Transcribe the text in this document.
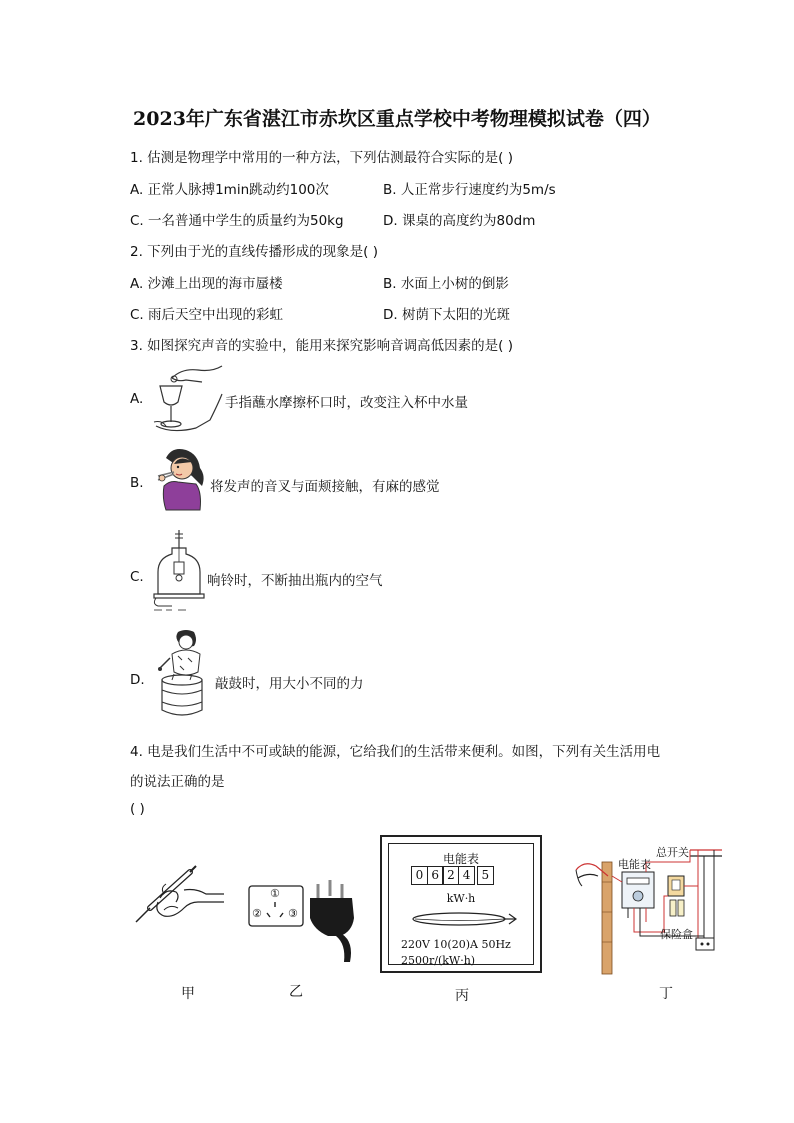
2023年广东省湛江市赤坎区重点学校中考物理模拟试卷（四）
1. 估测是物理学中常用的一种方法，下列估测最符合实际的是( )
A. 正常人脉搏1min跳动约100次	B. 人正常步行速度约为5m/s
C. 一名普通中学生的质量约为50kg	D. 课桌的高度约为80dm
2. 下列由于光的直线传播形成的现象是( )
A. 沙滩上出现的海市蜃楼	B. 水面上小树的倒影
C. 雨后天空中出现的彩虹	D. 树荫下太阳的光斑
3. 如图探究声音的实验中，能用来探究影响音调高低因素的是( )
A.	手指蘸水摩擦杯口时，改变注入杯中水量
B.	将发声的音叉与面颊接触，有麻的感觉
C.	响铃时，不断抽出瓶内的空气
D.	敲鼓时，用大小不同的力
4. 电是我们生活中不可或缺的能源，它给我们的生活带来便利。如图，下列有关生活用电
的说法正确的是
( )
①
② ③
电能表
0 6 2 4 5
kW·h
220V 10(20)A 50Hz
2500r/(kW·h)
电能表
总开关
保险盒
甲	乙	丙	丁
